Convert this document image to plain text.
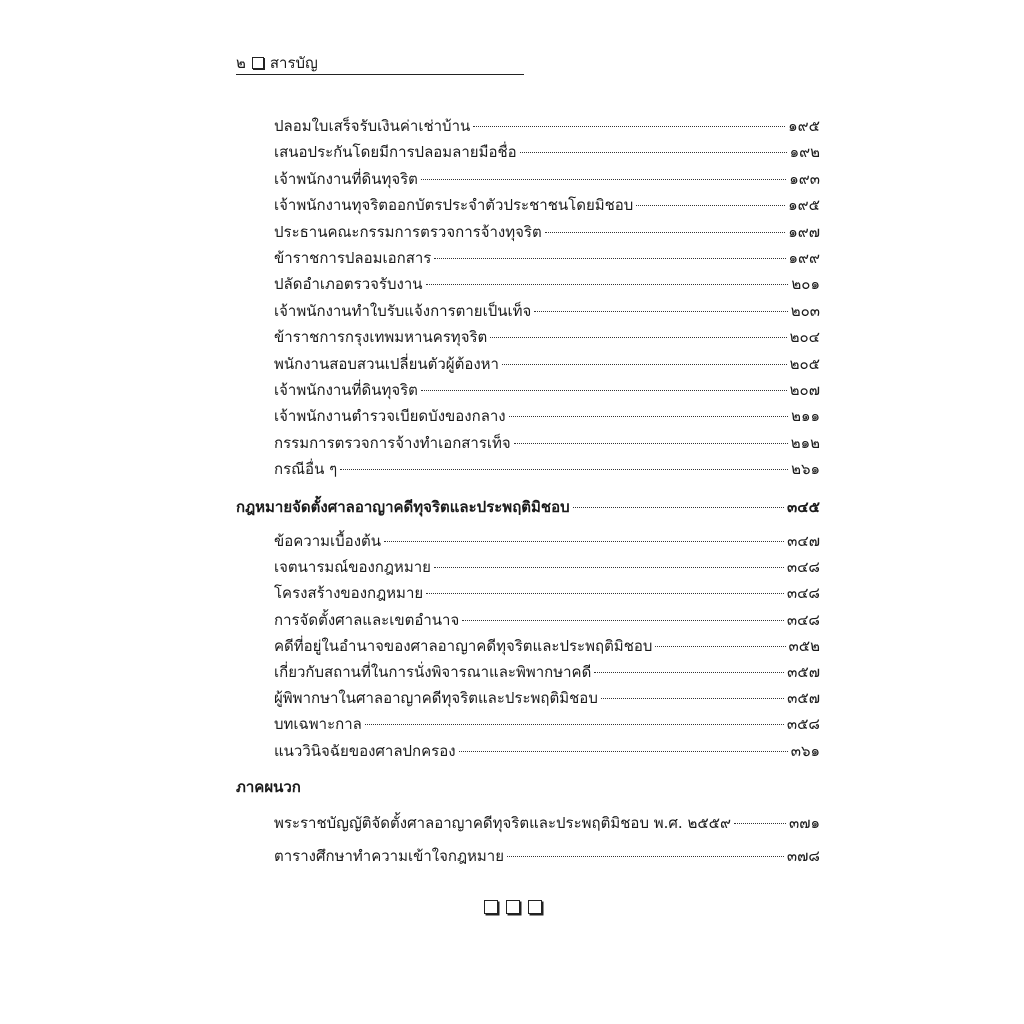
๒ สารบัญ
ปลอมใบเสร็จรับเงินค่าเช่าบ้าน	๑๙๕
เสนอประกันโดยมีการปลอมลายมือชื่อ	๑๙๒
เจ้าพนักงานที่ดินทุจริต	๑๙๓
เจ้าพนักงานทุจริตออกบัตรประจำตัวประชาชนโดยมิชอบ	๑๙๕
ประธานคณะกรรมการตรวจการจ้างทุจริต	๑๙๗
ข้าราชการปลอมเอกสาร	๑๙๙
ปลัดอำเภอตรวจรับงาน	๒๐๑
เจ้าพนักงานทำใบรับแจ้งการตายเป็นเท็จ	๒๐๓
ข้าราชการกรุงเทพมหานครทุจริต	๒๐๔
พนักงานสอบสวนเปลี่ยนตัวผู้ต้องหา	๒๐๕
เจ้าพนักงานที่ดินทุจริต	๒๐๗
เจ้าพนักงานตำรวจเบียดบังของกลาง	๒๑๑
กรรมการตรวจการจ้างทำเอกสารเท็จ	๒๑๒
กรณีอื่น ๆ	๒๖๑
กฎหมายจัดตั้งศาลอาญาคดีทุจริตและประพฤติมิชอบ	๓๔๕
ข้อความเบื้องต้น	๓๔๗
เจตนารมณ์ของกฎหมาย	๓๔๘
โครงสร้างของกฎหมาย	๓๔๘
การจัดตั้งศาลและเขตอำนาจ	๓๔๘
คดีที่อยู่ในอำนาจของศาลอาญาคดีทุจริตและประพฤติมิชอบ	๓๕๒
เกี่ยวกับสถานที่ในการนั่งพิจารณาและพิพากษาคดี	๓๕๗
ผู้พิพากษาในศาลอาญาคดีทุจริตและประพฤติมิชอบ	๓๕๗
บทเฉพาะกาล	๓๕๘
แนววินิจฉัยของศาลปกครอง	๓๖๑
ภาคผนวก
พระราชบัญญัติจัดตั้งศาลอาญาคดีทุจริตและประพฤติมิชอบ พ.ศ. ๒๕๕๙	๓๗๑
ตารางศึกษาทำความเข้าใจกฎหมาย	๓๗๘
